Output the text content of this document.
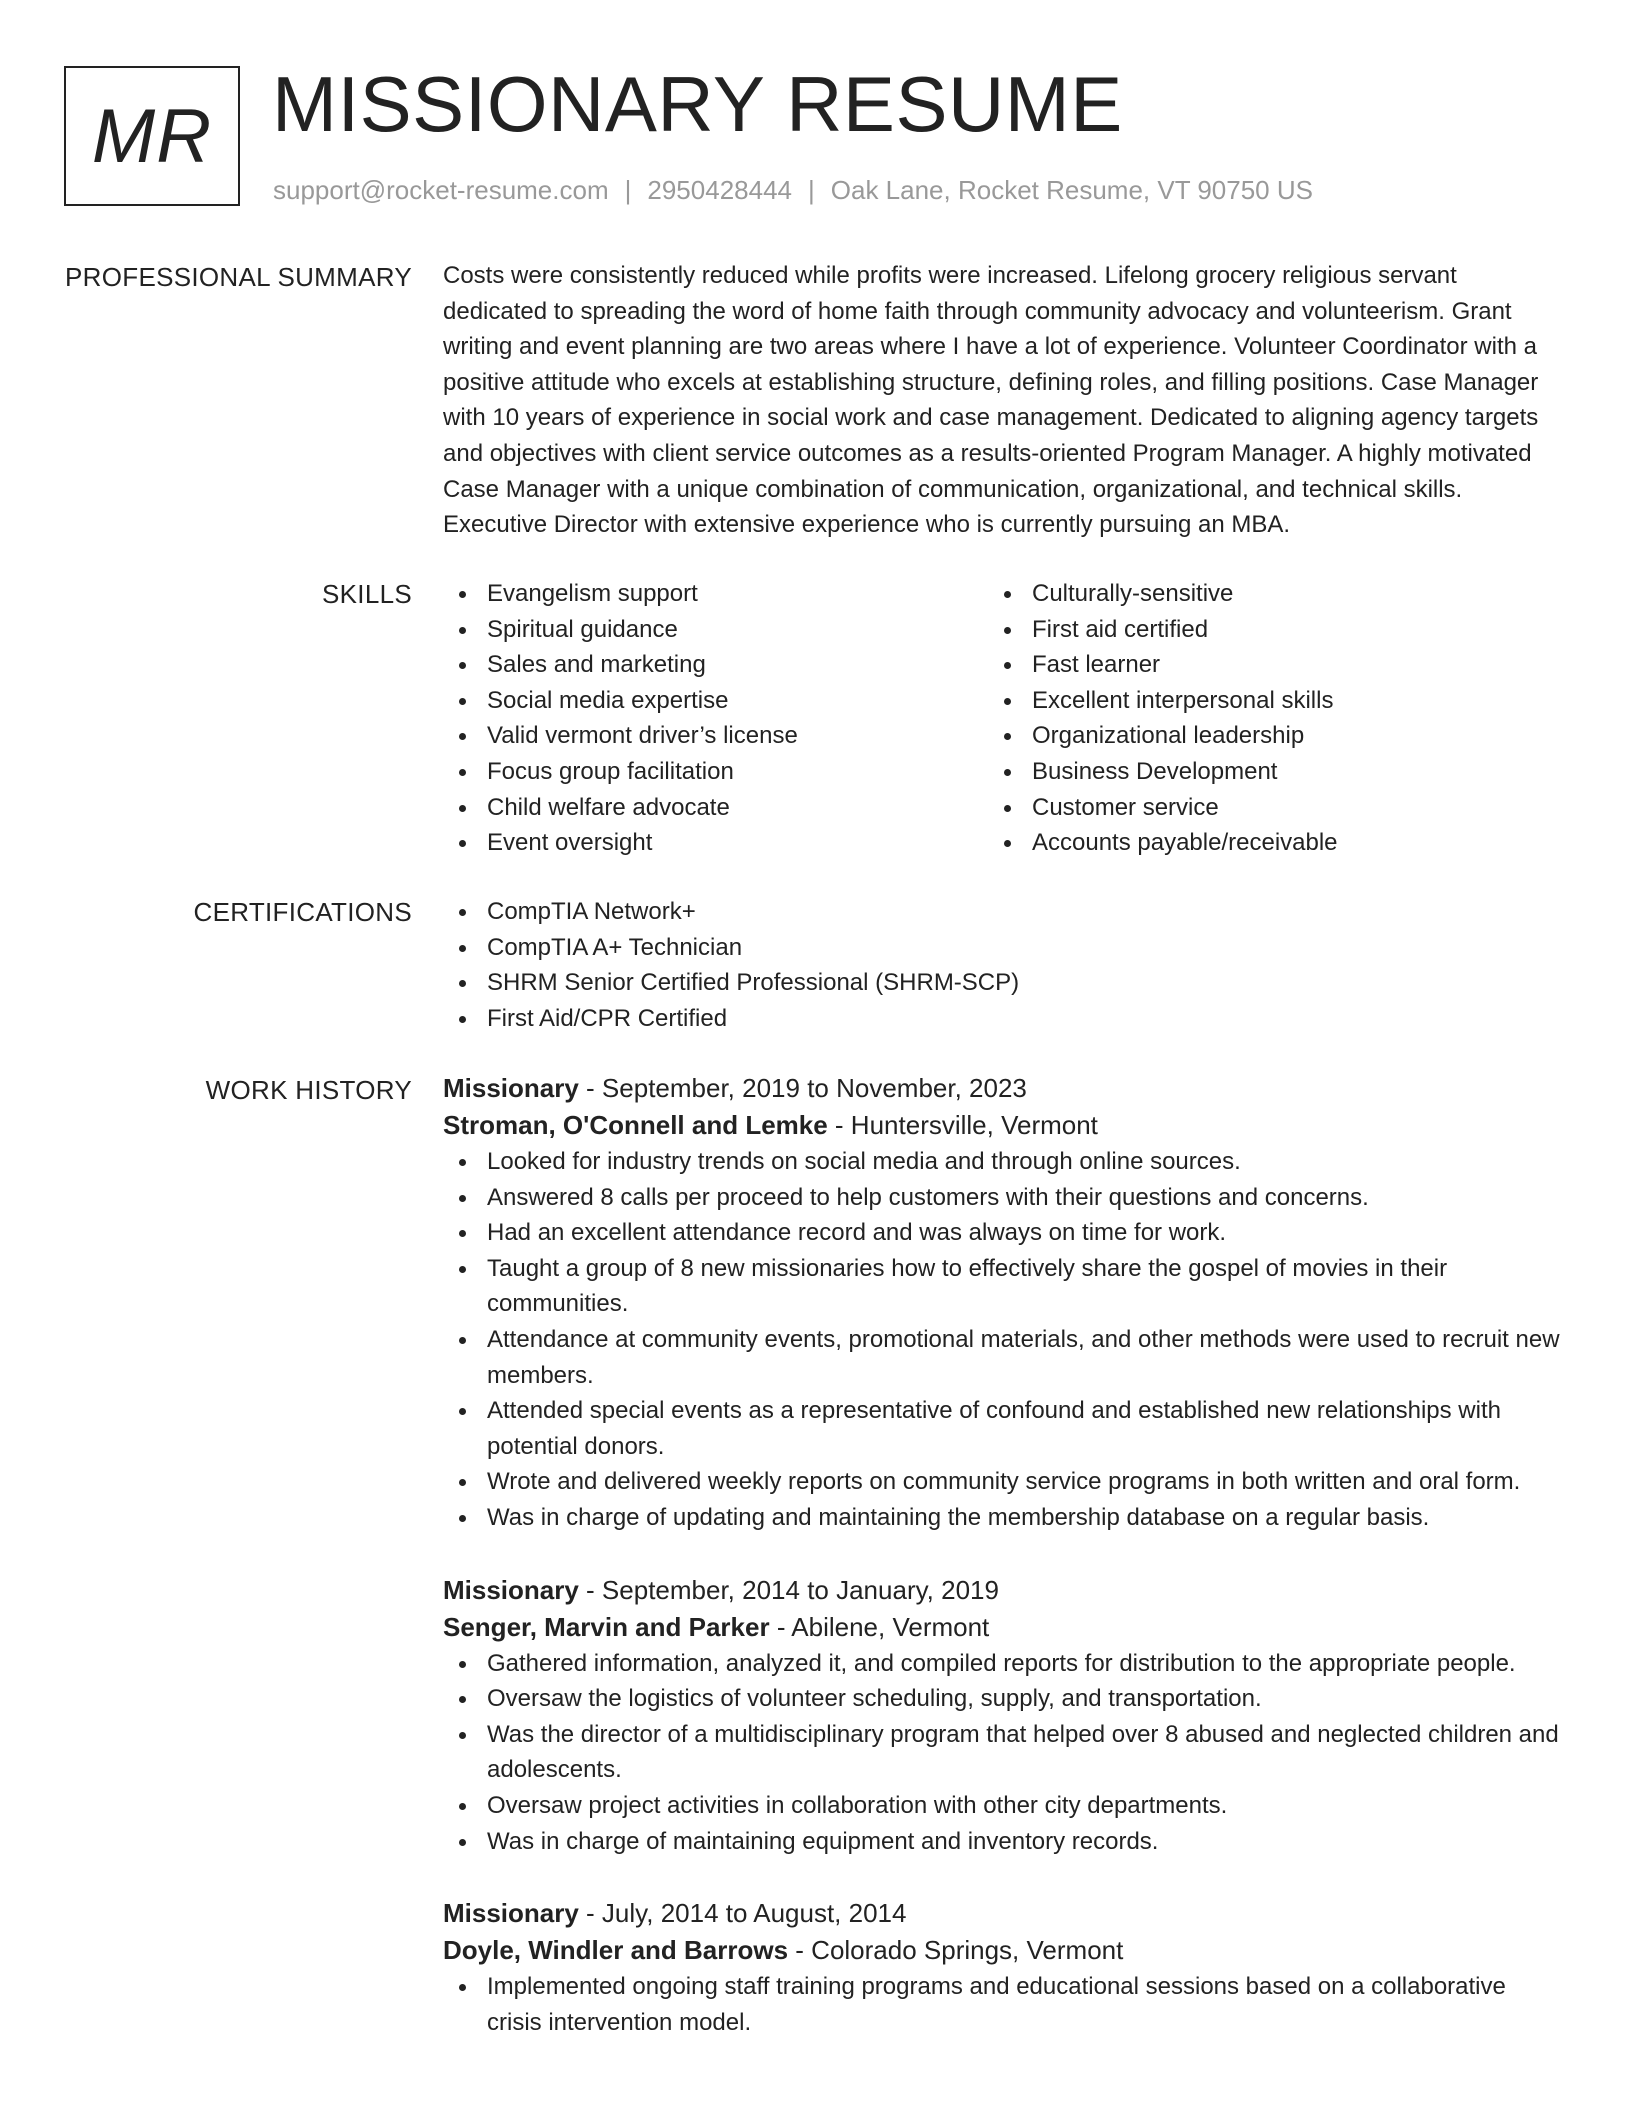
MR MISSIONARY RESUME
support@rocket-resume.com | 2950428444 | Oak Lane, Rocket Resume, VT 90750 US
PROFESSIONAL SUMMARY Costs were consistently reduced while profits were increased. Lifelong grocery religious servant dedicated to spreading the word of home faith through community advocacy and volunteerism. Grant writing and event planning are two areas where I have a lot of experience. Volunteer Coordinator with a positive attitude who excels at establishing structure, defining roles, and filling positions. Case Manager with 10 years of experience in social work and case management. Dedicated to aligning agency targets and objectives with client service outcomes as a results-oriented Program Manager. A highly motivated Case Manager with a unique combination of communication, organizational, and technical skills. Executive Director with extensive experience who is currently pursuing an MBA.

SKILLS	Evangelism support
Spiritual guidance
Sales and marketing
Social media expertise
Valid vermont driver’s license
Focus group facilitation
Child welfare advocate
Event oversight
Culturally-sensitive
First aid certified
Fast learner
Excellent interpersonal skills
Organizational leadership
Business Development
Customer service
Accounts payable/receivable
CERTIFICATIONS	CompTIA Network+
CompTIA A+ Technician
SHRM Senior Certified Professional (SHRM-SCP)
First Aid/CPR Certified
WORK HISTORY Missionary - September, 2019 to November, 2023
Stroman, O'Connell and Lemke - Huntersville, Vermont
Looked for industry trends on social media and through online sources.
Answered 8 calls per proceed to help customers with their questions and concerns.
Had an excellent attendance record and was always on time for work.
Taught a group of 8 new missionaries how to effectively share the gospel of movies in their communities.
Attendance at community events, promotional materials, and other methods were used to recruit new members.
Attended special events as a representative of confound and established new relationships with potential donors.
Wrote and delivered weekly reports on community service programs in both written and oral form.
Was in charge of updating and maintaining the membership database on a regular basis.
Missionary - September, 2014 to January, 2019
Senger, Marvin and Parker - Abilene, Vermont
Gathered information, analyzed it, and compiled reports for distribution to the appropriate people.
Oversaw the logistics of volunteer scheduling, supply, and transportation.
Was the director of a multidisciplinary program that helped over 8 abused and neglected children and adolescents.
Oversaw project activities in collaboration with other city departments.
Was in charge of maintaining equipment and inventory records.
Missionary - July, 2014 to August, 2014
Doyle, Windler and Barrows - Colorado Springs, Vermont
Implemented ongoing staff training programs and educational sessions based on a collaborative crisis intervention model.
